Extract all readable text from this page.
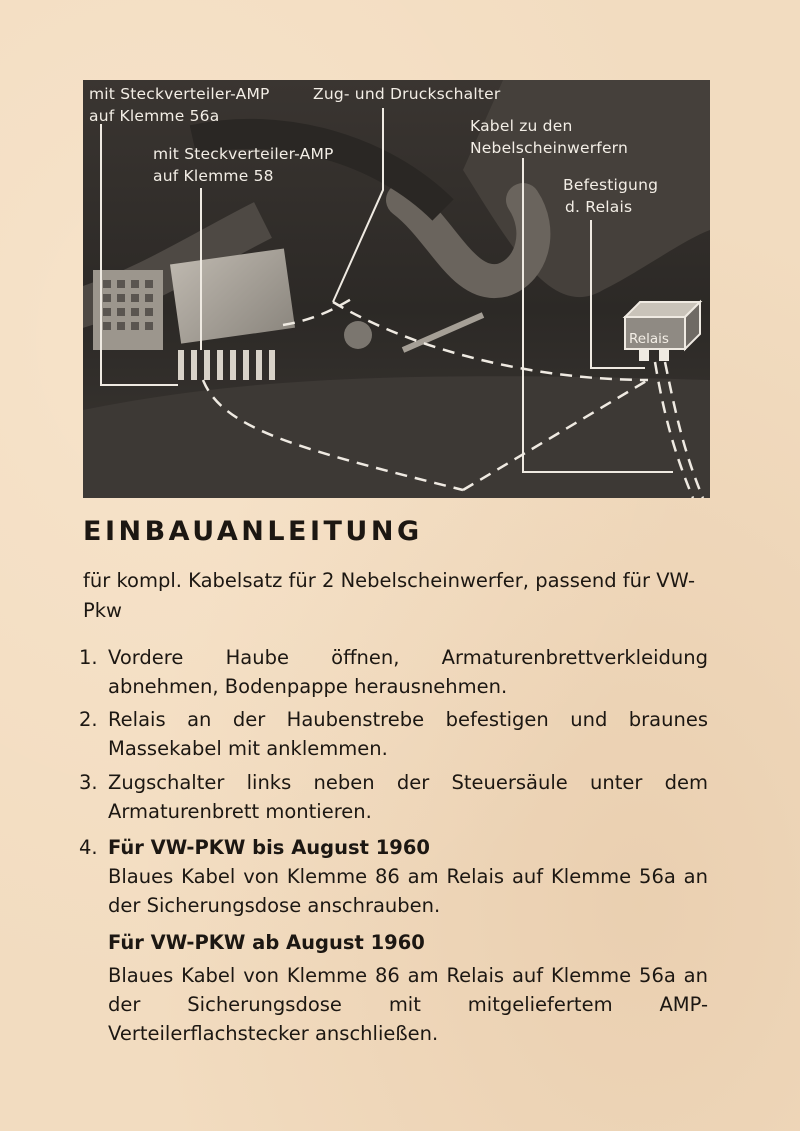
mit Steckverteiler-AMP
auf Klemme 56a
Zug- und Druckschalter
mit Steckverteiler-AMP
auf Klemme 58
Kabel zu den
Nebelscheinwerfern
Befestigung
d. Relais
Relais
EINBAUANLEITUNG
für kompl. Kabelsatz für 2 Nebelscheinwerfer, passend für VW-Pkw
1. Vordere Haube öffnen, Armaturenbrettverkleidung abnehmen, Bodenpappe herausnehmen.
2. Relais an der Haubenstrebe befestigen und braunes Massekabel mit anklemmen.
3. Zugschalter links neben der Steuersäule unter dem Armaturenbrett montieren.
4. Für VW-PKW bis August 1960
Blaues Kabel von Klemme 86 am Relais auf Klemme 56a an der Sicherungsdose anschrauben.
Für VW-PKW ab August 1960
Blaues Kabel von Klemme 86 am Relais auf Klemme 56a an der Sicherungsdose mit mitgeliefertem AMP-Verteilerflachstecker anschließen.
